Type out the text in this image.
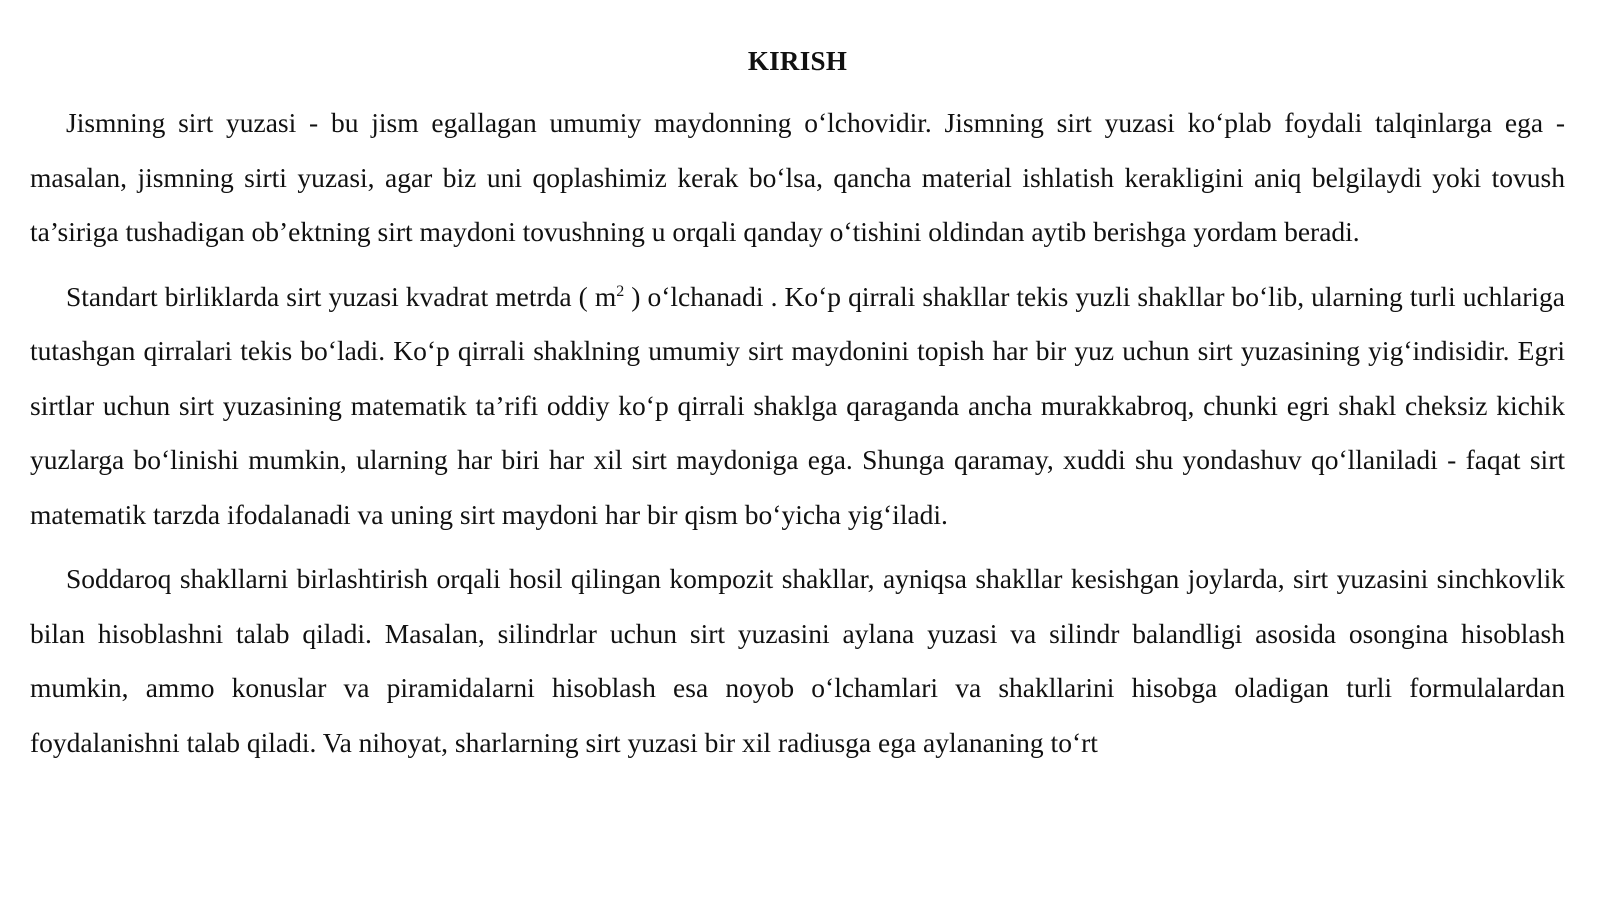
KIRISH

Jismning sirt yuzasi - bu jism egallagan umumiy maydonning o‘lchovidir. Jismning sirt yuzasi ko‘plab foydali talqinlarga ega - masalan, jismning sirti yuzasi, agar biz uni qoplashimiz kerak bo‘lsa, qancha material ishlatish kerakligini aniq belgilaydi yoki tovush ta’siriga tushadigan ob’ektning sirt maydoni tovushning u orqali qanday o‘tishini oldindan aytib berishga yordam beradi.

Standart birliklarda sirt yuzasi kvadrat metrda ( $m^2$ ) o‘lchanadi . Ko‘p qirrali shakllar tekis yuzli shakllar bo‘lib, ularning turli uchlariga tutashgan qirralari tekis bo‘ladi. Ko‘p qirrali shaklning umumiy sirt maydonini topish har bir yuz uchun sirt yuzasining yig‘indisidir. Egri sirtlar uchun sirt yuzasining matematik ta’rifi oddiy ko‘p qirrali shaklga qaraganda ancha murakkabroq, chunki egri shakl cheksiz kichik yuzlarga bo‘linishi mumkin, ularning har biri har xil sirt maydoniga ega. Shunga qaramay, xuddi shu yondashuv qo‘llaniladi - faqat sirt matematik tarzda ifodalanadi va uning sirt maydoni har bir qism bo‘yicha yig‘iladi.

Soddaroq shakllarni birlashtirish orqali hosil qilingan kompozit shakllar, ayniqsa shakllar kesishgan joylarda, sirt yuzasini sinchkovlik bilan hisoblashni talab qiladi. Masalan, silindrlar uchun sirt yuzasini aylana yuzasi va silindr balandligi asosida osongina hisoblash mumkin, ammo konuslar va piramidalarni hisoblash esa noyob o‘lchamlari va shakllarini hisobga oladigan turli formulalardan foydalanishni talab qiladi. Va nihoyat, sharlarning sirt yuzasi bir xil radiusga ega aylananing to‘rt
